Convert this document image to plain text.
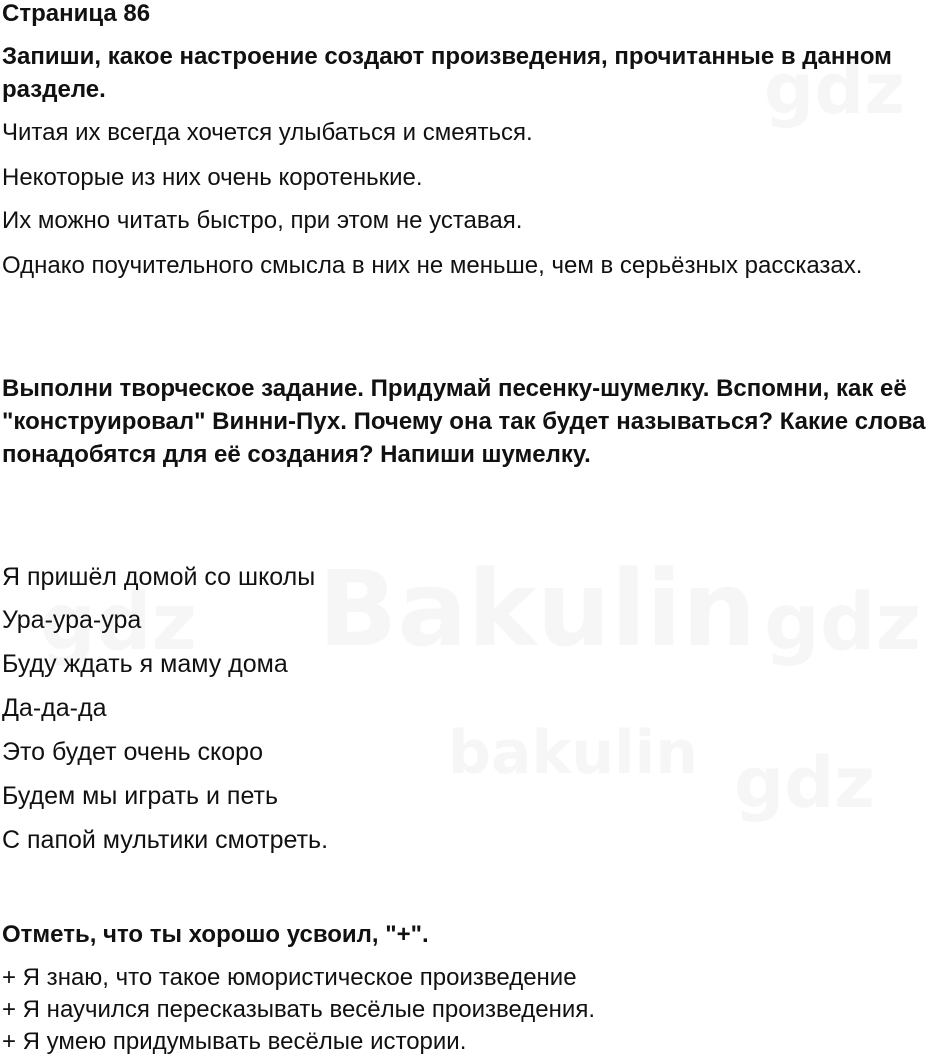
Страница 86
Запиши, какое настроение создают произведения, прочитанные в данном разделе.
Читая их всегда хочется улыбаться и смеяться.
Некоторые из них очень коротенькие.
Их можно читать быстро, при этом не уставая.
Однако поучительного смысла в них не меньше, чем в серьёзных рассказах.
Выполни творческое задание. Придумай песенку-шумелку. Вспомни, как её "конструировал" Винни-Пух. Почему она так будет называться? Какие слова понадобятся для её создания? Напиши шумелку.
Я пришёл домой со школы
Ура-ура-ура
Буду ждать я маму дома
Да-да-да
Это будет очень скоро
Будем мы играть и петь
С папой мультики смотреть.
Отметь, что ты хорошо усвоил, "+".
+ Я знаю, что такое юмористическое произведение
+ Я научился пересказывать весёлые произведения.
+ Я умею придумывать весёлые истории.
